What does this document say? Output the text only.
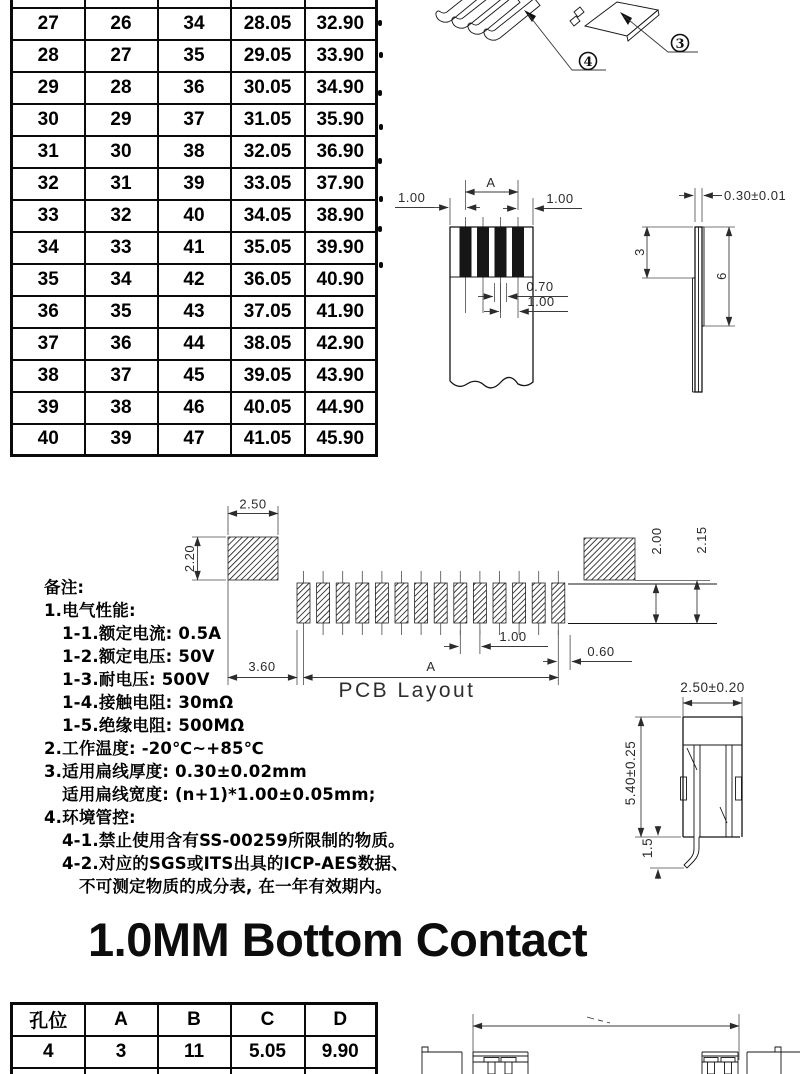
27	26	34	28.05	32.90
28	27	35	29.05	33.90
29	28	36	30.05	34.90
30	29	37	31.05	35.90
31	30	38	32.05	36.90
32	31	39	33.05	37.90
33	32	40	34.05	38.90
34	33	41	35.05	39.90
35	34	42	36.05	40.90
36	35	43	37.05	41.90
37	36	44	38.05	42.90
38	37	45	39.05	43.90
39	38	46	40.05	44.90
40	39	47	41.05	45.90
4
3
A
1.00	1.00
0.70
1.00
0.30±0.01
3
6
2.50
2.20
3.60	A
1.00
0.60
2.00 2.15
PCB Layout
备注:
1.电气性能:
1-1.额定电流: 0.5A
1-2.额定电压: 50V
1-3.耐电压: 500V
1-4.接触电阻: 30mΩ
1-5.绝缘电阻: 500MΩ
2.工作温度: -20℃~+85℃
3.适用扁线厚度: 0.30±0.02mm
适用扁线宽度: (n+1)*1.00±0.05mm;
4.环境管控:
4-1.禁止使用含有SS-00259所限制的物质。
4-2.对应的SGS或ITS出具的ICP-AES数据、
不可测定物质的成分表, 在一年有效期内。
2.50±0.20
5.40±0.25
1.5
1.0MM Bottom Contact
孔位	A	B	C	D
4	3	11	5.05	9.90
